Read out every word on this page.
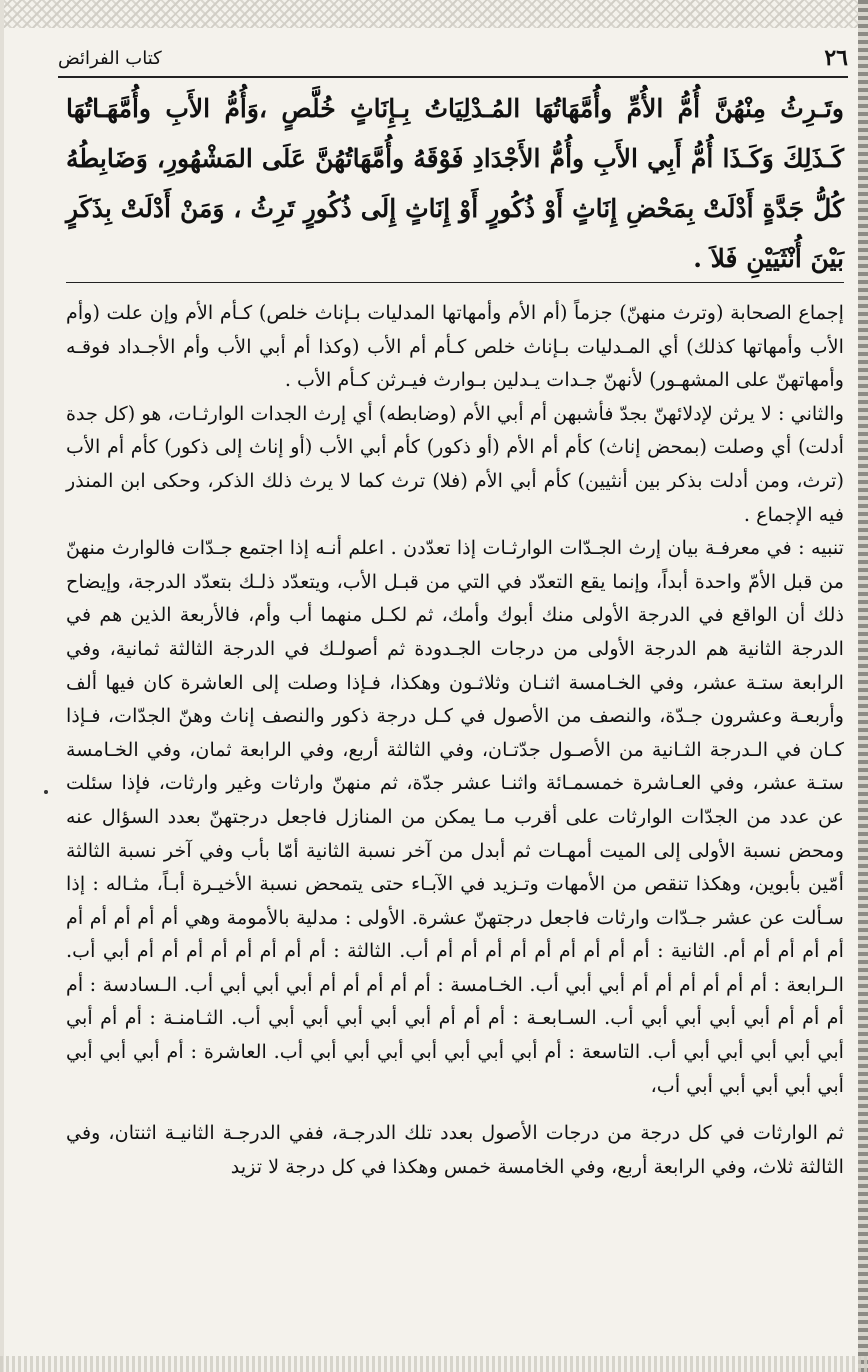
٢٦
كتاب الفرائض
وتَـرِثُ مِنْهُنَّ أُمُّ الأُمِّ وأُمَّهَاتُهَا المُـدْلِيَاتُ بِـإِنَاثٍ خُلَّصٍ ،وَأُمُّ الأَبِ وأُمَّهَـاتُهَا كَـذَلِكَ وَكَـذَا أُمُّ أَبِي الأَبِ وأُمُّ الأَجْدَادِ فَوْقَهُ وأُمَّهَاتُهُنَّ عَلَى المَشْهُورِ، وَضَابِطُهُ كُلُّ جَدَّةٍ أَدْلَتْ بِمَحْضِ إِنَاثٍ أَوْ ذُكُورٍ أَوْ إِنَاثٍ إِلَى ذُكُورٍ تَرِثُ ، وَمَنْ أَدْلَتْ بِذَكَرٍ بَيْنَ أُنْثَيَيْنِ فَلاَ .

إجماع الصحابة (وترث منهنّ) جزماً (أم الأم وأمهاتها المدليات بـإناث خلص) كـأم الأم وإن علت (وأم الأب وأمهاتها كذلك) أي المـدليات بـإناث خلص كـأم أم الأب (وكذا أم أبي الأب وأم الأجـداد فوقـه وأمهاتهنّ على المشهـور) لأنهنّ جـدات يـدلين بـوارث فيـرثن كـأم الأب .

والثاني : لا يرثن لإدلائهنّ بجدّ فأشبهن أم أبي الأم (وضابطه) أي إرث الجدات الوارثـات، هو (كل جدة أدلت) أي وصلت (بمحض إناث) كأم أم الأم (أو ذكور) كأم أبي الأب (أو إناث إلى ذكور) كأم أم الأب (ترث، ومن أدلت بذكر بين أنثيين) كأم أبي الأم (فلا) ترث كما لا يرث ذلك الذكر، وحكى ابن المنذر فيه الإجماع .

تنبيه : في معرفـة بيان إرث الجـدّات الوارثـات إذا تعدّدن . اعلم أنـه إذا اجتمع جـدّات فالوارث منهنّ من قبل الأمّ واحدة أبداً، وإنما يقع التعدّد في التي من قبـل الأب، ويتعدّد ذلـك بتعدّد الدرجة، وإيضاح ذلك أن الواقع في الدرجة الأولى منك أبوك وأمك، ثم لكـل منهما أب وأم، فالأربعة الذين هم في الدرجة الثانية هم الدرجة الأولى من درجات الجـدودة ثم أصولـك في الدرجة الثالثة ثمانية، وفي الرابعة ستـة عشر، وفي الخـامسة اثنـان وثلاثـون وهكذا، فـإذا وصلت إلى العاشرة كان فيها ألف وأربعـة وعشرون جـدّة، والنصف من الأصول في كـل درجة ذكور والنصف إناث وهنّ الجدّات، فـإذا كـان في الـدرجة الثـانية من الأصـول جدّتـان، وفي الثالثة أربع، وفي الرابعة ثمان، وفي الخـامسة ستـة عشر، وفي العـاشرة خمسمـائة واثنـا عشر جدّة، ثم منهنّ وارثات وغير وارثات، فإذا سئلت عن عدد من الجدّات الوارثات على أقرب مـا يمكن من المنازل فاجعل درجتهنّ بعدد السؤال عنه ومحض نسبة الأولى إلى الميت أمهـات ثم أبدل من آخر نسبة الثانية أمّا بأب وفي آخر نسبة الثالثة أمّين بأبوين، وهكذا تنقص من الأمهات وتـزيد في الآبـاء حتى يتمحض نسبة الأخيـرة أبـاً، مثـاله : إذا سـألت عن عشر جـدّات وارثات فاجعل درجتهنّ عشرة. الأولى : مدلية بالأمومة وهي أم أم أم أم أم أم أم أم أم أم. الثانية : أم أم أم أم أم أم أم أم أم أب. الثالثة : أم أم أم أم أم أم أم أم أبي أب. الـرابعة : أم أم أم أم أم أم أبي أبي أب. الخـامسة : أم أم أم أم أم أبي أبي أبي أب. الـسادسة : أم أم أم أم أبي أبي أبي أبي أب. السـابعـة : أم أم أم أبي أبي أبي أبي أبي أب. الثـامنـة : أم أم أبي أبي أبي أبي أبي أبي أب. التاسعة : أم أبي أبي أبي أبي أبي أبي أبي أب. العاشرة : أم أبي أبي أبي أبي أبي أبي أبي أبي أب،

ثم الوارثات في كل درجة من درجات الأصول بعدد تلك الدرجـة، ففي الدرجـة الثانيـة اثنتان، وفي الثالثة ثلاث، وفي الرابعة أربع، وفي الخامسة خمس وهكذا في كل درجة لا تزيد
